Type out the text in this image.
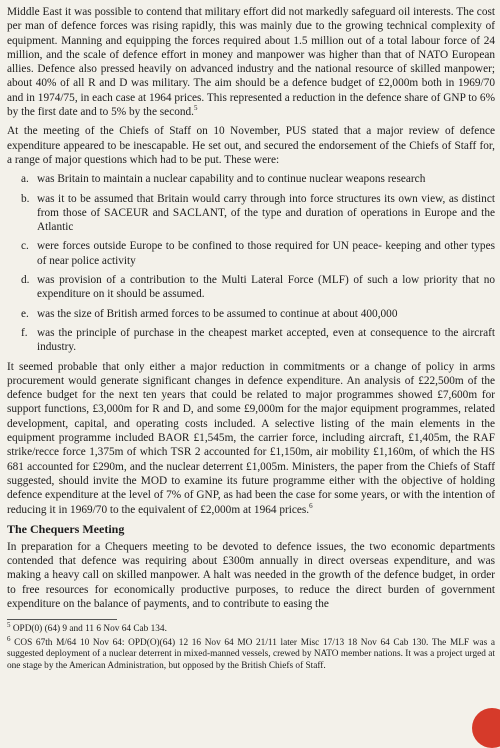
Middle East it was possible to contend that military effort did not markedly safeguard oil interests. The cost per man of defence forces was rising rapidly, this was mainly due to the growing technical complexity of equipment. Manning and equipping the forces required about 1.5 million out of a total labour force of 24 million, and the scale of defence effort in money and manpower was higher than that of NATO European allies. Defence also pressed heavily on advanced industry and the national resource of skilled manpower; about 40% of all R and D was military. The aim should be a defence budget of £2,000m both in 1969/70 and in 1974/75, in each case at 1964 prices. This represented a reduction in the defence share of GNP to 6% by the first date and to 5% by the second.$^5$

At the meeting of the Chiefs of Staff on 10 November, PUS stated that a major review of defence expenditure appeared to be inescapable. He set out, and secured the endorsement of the Chiefs of Staff for, a range of major questions which had to be put. These were:

a. was Britain to maintain a nuclear capability and to continue nuclear weapons research
b. was it to be assumed that Britain would carry through into force structures its own view, as distinct from those of SACEUR and SACLANT, of the type and duration of operations in Europe and the Atlantic
c. were forces outside Europe to be confined to those required for UN peace- keeping and other types of near police activity
d. was provision of a contribution to the Multi Lateral Force (MLF) of such a low priority that no expenditure on it should be assumed.
e. was the size of British armed forces to be assumed to continue at about 400,000
f. was the principle of purchase in the cheapest market accepted, even at consequence to the aircraft industry.

It seemed probable that only either a major reduction in commitments or a change of policy in arms procurement would generate significant changes in defence expenditure. An analysis of £22,500m of the defence budget for the next ten years that could be related to major programmes showed £7,600m for support functions, £3,000m for R and D, and some £9,000m for the major equipment programmes, related development, capital, and operating costs included. A selective listing of the main elements in the equipment programme included BAOR £1,545m, the carrier force, including aircraft, £1,405m, the RAF strike/recce force 1,375m of which TSR 2 accounted for £1,150m, air mobility £1,160m, of which the HS 681 accounted for £290m, and the nuclear deterrent £1,005m. Ministers, the paper from the Chiefs of Staff suggested, should invite the MOD to examine its future programme either with the objective of holding defence expenditure at the level of 7% of GNP, as had been the case for some years, or with the intention of reducing it in 1969/70 to the equivalent of £2,000m at 1964 prices.$^6$

The Chequers Meeting

In preparation for a Chequers meeting to be devoted to defence issues, the two economic departments contended that defence was requiring about £300m annually in direct overseas expenditure, and was making a heavy call on skilled manpower. A halt was needed in the growth of the defence budget, in order to free resources for economically productive purposes, to reduce the direct burden of government expenditure on the balance of payments, and to contribute to easing the

$^5$ OPD(0) (64) 9 and 11 6 Nov 64 Cab 134.

$^6$ COS 67th M/64 10 Nov 64: OPD(O)(64) 12 16 Nov 64 MO 21/11 later Misc 17/13 18 Nov 64 Cab 130. The MLF was a suggested deployment of a nuclear deterrent in mixed-manned vessels, crewed by NATO member nations. It was a project urged at one stage by the American Administration, but opposed by the British Chiefs of Staff.
